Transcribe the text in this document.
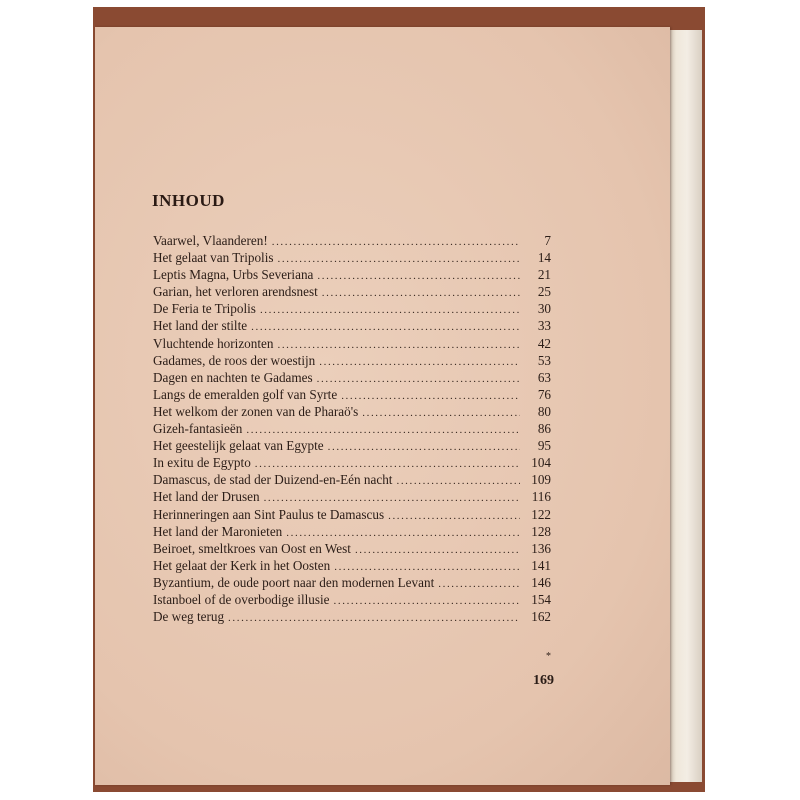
INHOUD
Vaarwel, Vlaanderen! .....	7
Het gelaat van Tripolis .....	14
Leptis Magna, Urbs Severiana .....	21
Garian, het verloren arendsnest .....	25
De Feria te Tripolis .....	30
Het land der stilte .....	33
Vluchtende horizonten .....	42
Gadames, de roos der woestijn .....	53
Dagen en nachten te Gadames .....	63
Langs de emeralden golf van Syrte .....	76
Het welkom der zonen van de Pharaö's .....	80
Gizeh-fantasieën .....	86
Het geestelijk gelaat van Egypte .....	95
In exitu de Egypto .....	104
Damascus, de stad der Duizend-en-Eén nacht .....	109
Het land der Drusen .....	116
Herinneringen aan Sint Paulus te Damascus .....	122
Het land der Maronieten .....	128
Beiroet, smeltkroes van Oost en West .....	136
Het gelaat der Kerk in het Oosten .....	141
Byzantium, de oude poort naar den modernen Levant .....	146
Istanboel of de overbodige illusie .....	154
De weg terug .....	162
*
169
